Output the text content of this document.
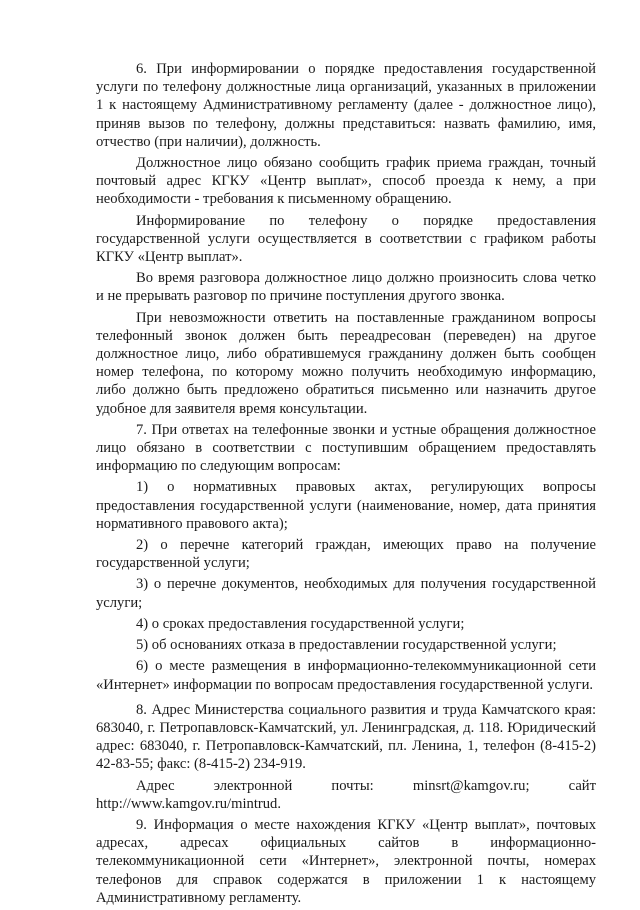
6. При информировании о порядке предоставления государственной услуги по телефону должностные лица организаций, указанных в приложении 1 к настоящему Административному регламенту (далее - должностное лицо), приняв вызов по телефону, должны представиться: назвать фамилию, имя, отчество (при наличии), должность.

Должностное лицо обязано сообщить график приема граждан, точный почтовый адрес КГКУ «Центр выплат», способ проезда к нему, а при необходимости - требования к письменному обращению.

Информирование по телефону о порядке предоставления государственной услуги осуществляется в соответствии с графиком работы КГКУ «Центр выплат».

Во время разговора должностное лицо должно произносить слова четко и не прерывать разговор по причине поступления другого звонка.

При невозможности ответить на поставленные гражданином вопросы телефонный звонок должен быть переадресован (переведен) на другое должностное лицо, либо обратившемуся гражданину должен быть сообщен номер телефона, по которому можно получить необходимую информацию, либо должно быть предложено обратиться письменно или назначить другое удобное для заявителя время консультации.

7. При ответах на телефонные звонки и устные обращения должностное лицо обязано в соответствии с поступившим обращением предоставлять информацию по следующим вопросам:

1) о нормативных правовых актах, регулирующих вопросы предоставления государственной услуги (наименование, номер, дата принятия нормативного правового акта);

2) о перечне категорий граждан, имеющих право на получение государственной услуги;

3) о перечне документов, необходимых для получения государственной услуги;

4) о сроках предоставления государственной услуги;

5) об основаниях отказа в предоставлении государственной услуги;

6) о месте размещения в информационно-телекоммуникационной сети «Интернет» информации по вопросам предоставления государственной услуги.

8. Адрес Министерства социального развития и труда Камчатского края: 683040, г. Петропавловск-Камчатский, ул. Ленинградская, д. 118. Юридический адрес: 683040, г. Петропавловск-Камчатский, пл. Ленина, 1, телефон (8-415-2) 42-83-55; факс: (8-415-2) 234-919.

Адрес электронной почты: minsrt@kamgov.ru; сайт http://www.kamgov.ru/mintrud.

9. Информация о месте нахождения КГКУ «Центр выплат», почтовых адресах, адресах официальных сайтов в информационно-телекоммуникационной сети «Интернет», электронной почты, номерах телефонов для справок содержатся в приложении 1 к настоящему Административному регламенту.
